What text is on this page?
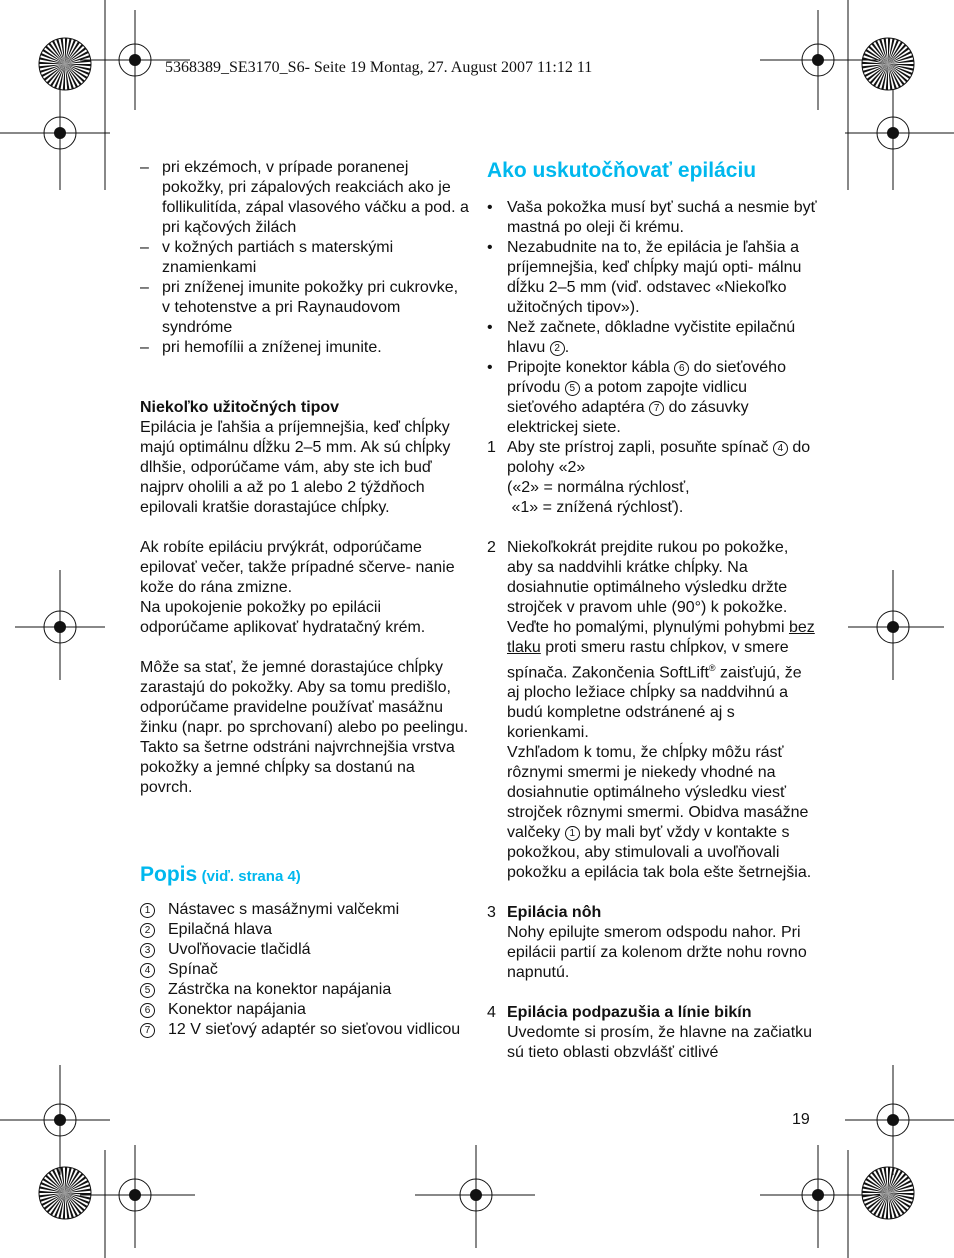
5368389_SE3170_S6- Seite 19 Montag, 27. August 2007 11:12 11
– pri ekzémoch, v prípade poranenej pokožky, pri zápalových reakciách ako je follikulitída, zápal vlasového váčku a pod. a pri kąčových žilách
– v kožných partiách s materskými znamienkami
– pri zníženej imunite pokožky pri cukrovke, v tehotenstve a pri Raynaudovom syndróme
– pri hemofílii a zníženej imunite.
Niekoľko užitočných tipov
Epilácia je ľahšia a príjemnejšia, keď chĺpky majú optimálnu dĺžku 2–5 mm. Ak sú chĺpky dlhšie, odporúčame vám, aby ste ich buď najprv oholili a až po 1 alebo 2 týždňoch epilovali kratšie dorastajúce chĺpky.
Ak robíte epiláciu prvýkrát, odporúčame epilovať večer, takže prípadné sčerve- nanie kože do rána zmizne.
Na upokojenie pokožky po epilácii odporúčame aplikovať hydratačný krém.
Môže sa stať, že jemné dorastajúce chĺpky zarastajú do pokožky. Aby sa tomu predišlo, odporúčame pravidelne používať masážnu žinku (napr. po sprchovaní) alebo po peelingu. Takto sa šetrne odstráni najvrchnejšia vrstva pokožky a jemné chĺpky sa dostanú na povrch.
Popis (viď. strana 4)
1 Nástavec s masážnymi valčekmi
2 Epilačná hlava
3 Uvoľňovacie tlačidlá
4 Spínač
5 Zástrčka na konektor napájania
6 Konektor napájania
7 12 V sieťový adaptér so sieťovou vidlicou
Ako uskutočňovať epiláciu
• Vaša pokožka musí byť suchá a nesmie byť mastná po oleji či krému.
• Nezabudnite na to, že epilácia je ľahšia a príjemnejšia, keď chĺpky majú opti- málnu dĺžku 2–5 mm (viď. odstavec «Niekoľko užitočných tipov»).
• Než začnete, dôkladne vyčistite epilačnú hlavu 2 .
• Pripojte konektor kábla 6 do sieťového prívodu 5 a potom zapojte vidlicu sieťového adaptéra 7 do zásuvky elektrickej siete.
1 Aby ste prístroj zapli, posuňte spínač 4 do polohy «2»
(«2» = normálna rýchlosť,
«1» = znížená rýchlosť).
2 Niekoľkokrát prejdite rukou po pokožke, aby sa naddvihli krátke chĺpky. Na dosiahnutie optimálneho výsledku držte strojček v pravom uhle (90°) k pokožke. Veďte ho pomalými, plynulými pohybmi bez tlaku proti smeru rastu chĺpkov, v smere spínača. Zakončenia SoftLift® zaisťujú, že aj plocho ležiace chĺpky sa naddvihnú a budú kompletne odstránené aj s korienkami.
Vzhľadom k tomu, že chĺpky môžu rásť rôznymi smermi je niekedy vhodné na dosiahnutie optimálneho výsledku viesť strojček rôznymi smermi. Obidva masážne valčeky 1 by mali byť vždy v kontakte s pokožkou, aby stimulovali a uvoľňovali pokožku a epilácia tak bola ešte šetrnejšia.
3 Epilácia nôh
Nohy epilujte smerom odspodu nahor. Pri epilácii partií za kolenom držte nohu rovno napnutú.
4 Epilácia podpazušia a línie bikín
Uvedomte si prosím, že hlavne na začiatku sú tieto oblasti obzvlášť citlivé
19
